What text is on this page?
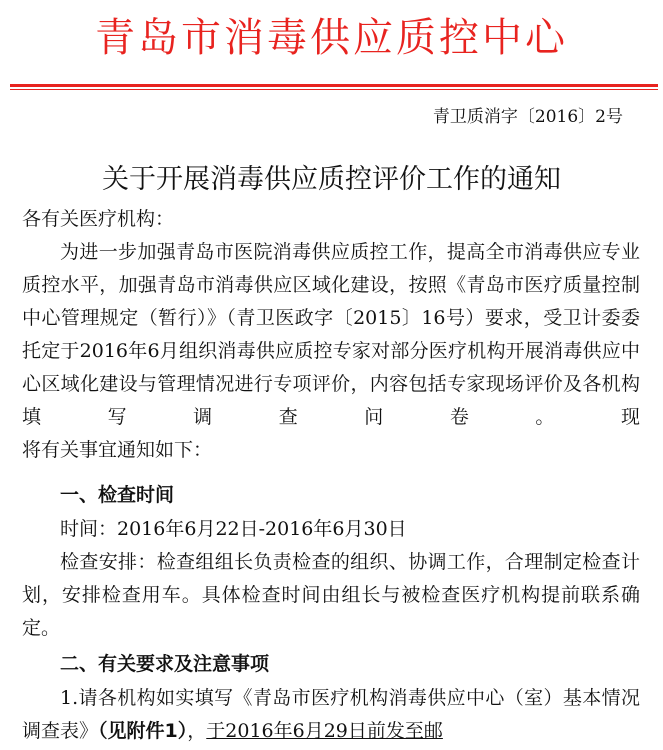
青岛市消毒供应质控中心
青卫质消字〔2016〕2号
关于开展消毒供应质控评价工作的通知
各有关医疗机构：
为进一步加强青岛市医院消毒供应质控工作，提高全市消毒供应专业质控水平，加强青岛市消毒供应区域化建设，按照《青岛市医疗质量控制中心管理规定（暂行）》（青卫医政字〔2015〕16号）要求，受卫计委委托定于2016年6月组织消毒供应质控专家对部分医疗机构开展消毒供应中心区域化建设与管理情况进行专项评价，内容包括专家现场评价及各机构填写调查问卷。现
将有关事宜通知如下：
一、检查时间
时间：2016年6月22日-2016年6月30日
检查安排：检查组组长负责检查的组织、协调工作，合理制定检查计划，安排检查用车。具体检查时间由组长与被检查医疗机构提前联系确定。
二、有关要求及注意事项
1.请各机构如实填写《青岛市医疗机构消毒供应中心（室）基本情况调查表》（见附件1），于2016年6月29日前发至邮
